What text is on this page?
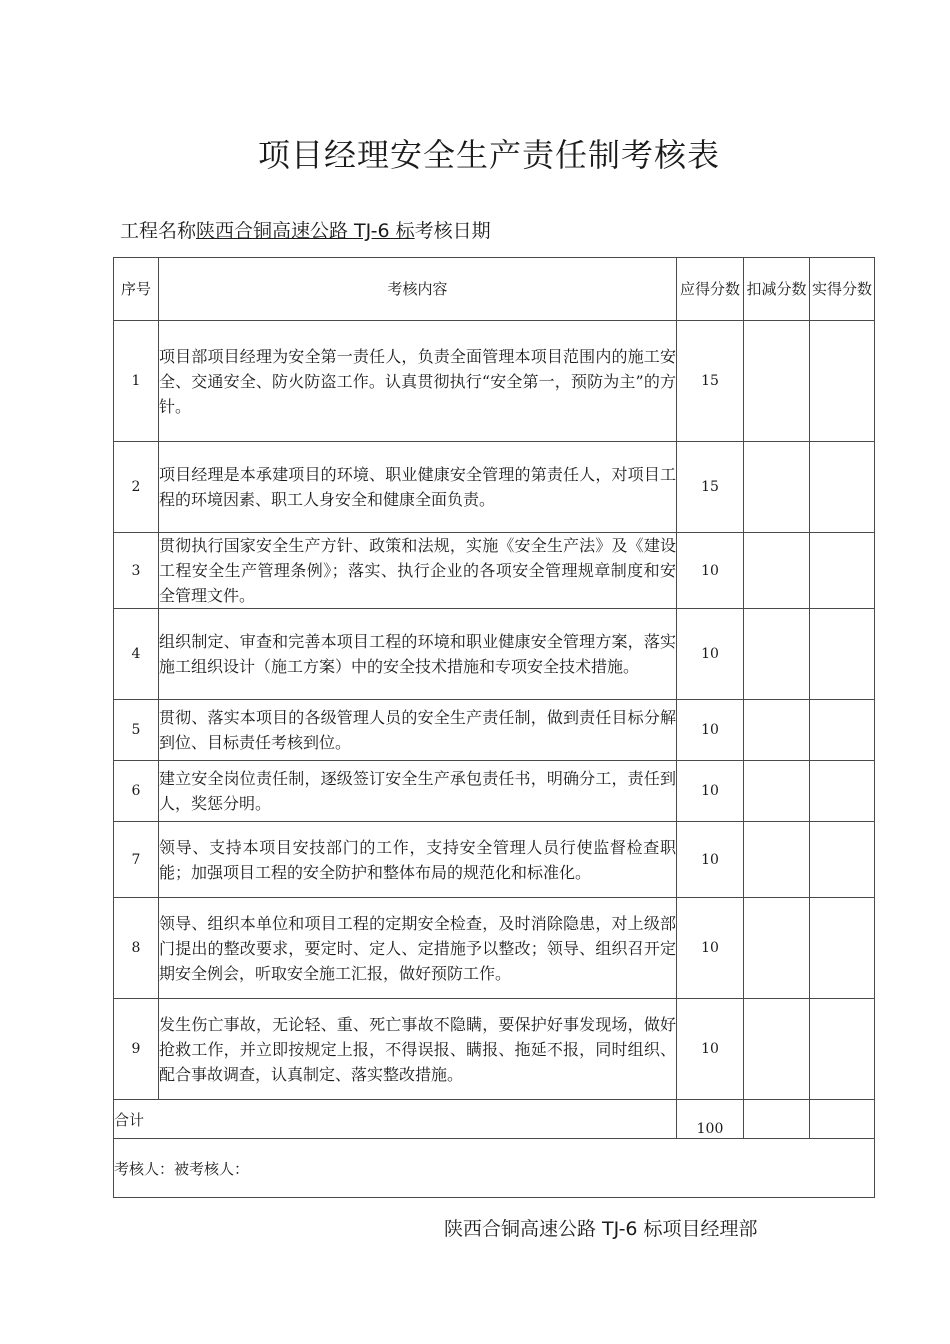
项目经理安全生产责任制考核表
工程名称陕西合铜高速公路 TJ-6 标考核日期
序号	考核内容	应得分数	扣减分数	实得分数
1	项目部项目经理为安全第一责任人，负责全面管理本项目范围内的施工安全、交通安全、防火防盗工作。认真贯彻执行“安全第一，预防为主”的方针。	15		
2	项目经理是本承建项目的环境、职业健康安全管理的第责任人，对项目工程的环境因素、职工人身安全和健康全面负责。	15		
3	贯彻执行国家安全生产方针、政策和法规，实施《安全生产法》及《建设工程安全生产管理条例》；落实、执行企业的各项安全管理规章制度和安全管理文件。	10		
4	组织制定、审查和完善本项目工程的环境和职业健康安全管理方案，落实施工组织设计（施工方案）中的安全技术措施和专项安全技术措施。	10		
5	贯彻、落实本项目的各级管理人员的安全生产责任制，做到责任目标分解到位、目标责任考核到位。	10		
6	建立安全岗位责任制，逐级签订安全生产承包责任书，明确分工，责任到人，奖惩分明。	10		
7	领导、支持本项目安技部门的工作，支持安全管理人员行使监督检查职能；加强项目工程的安全防护和整体布局的规范化和标准化。	10		
8	领导、组织本单位和项目工程的定期安全检查，及时消除隐患，对上级部门提出的整改要求，要定时、定人、定措施予以整改；领导、组织召开定期安全例会，听取安全施工汇报，做好预防工作。	10		
9	发生伤亡事故，无论轻、重、死亡事故不隐瞒，要保护好事发现场，做好抢救工作，并立即按规定上报，不得误报、瞒报、拖延不报，同时组织、配合事故调查，认真制定、落实整改措施。	10		
合计		100		
考核人：被考核人：				
陕西合铜高速公路 TJ-6 标项目经理部
